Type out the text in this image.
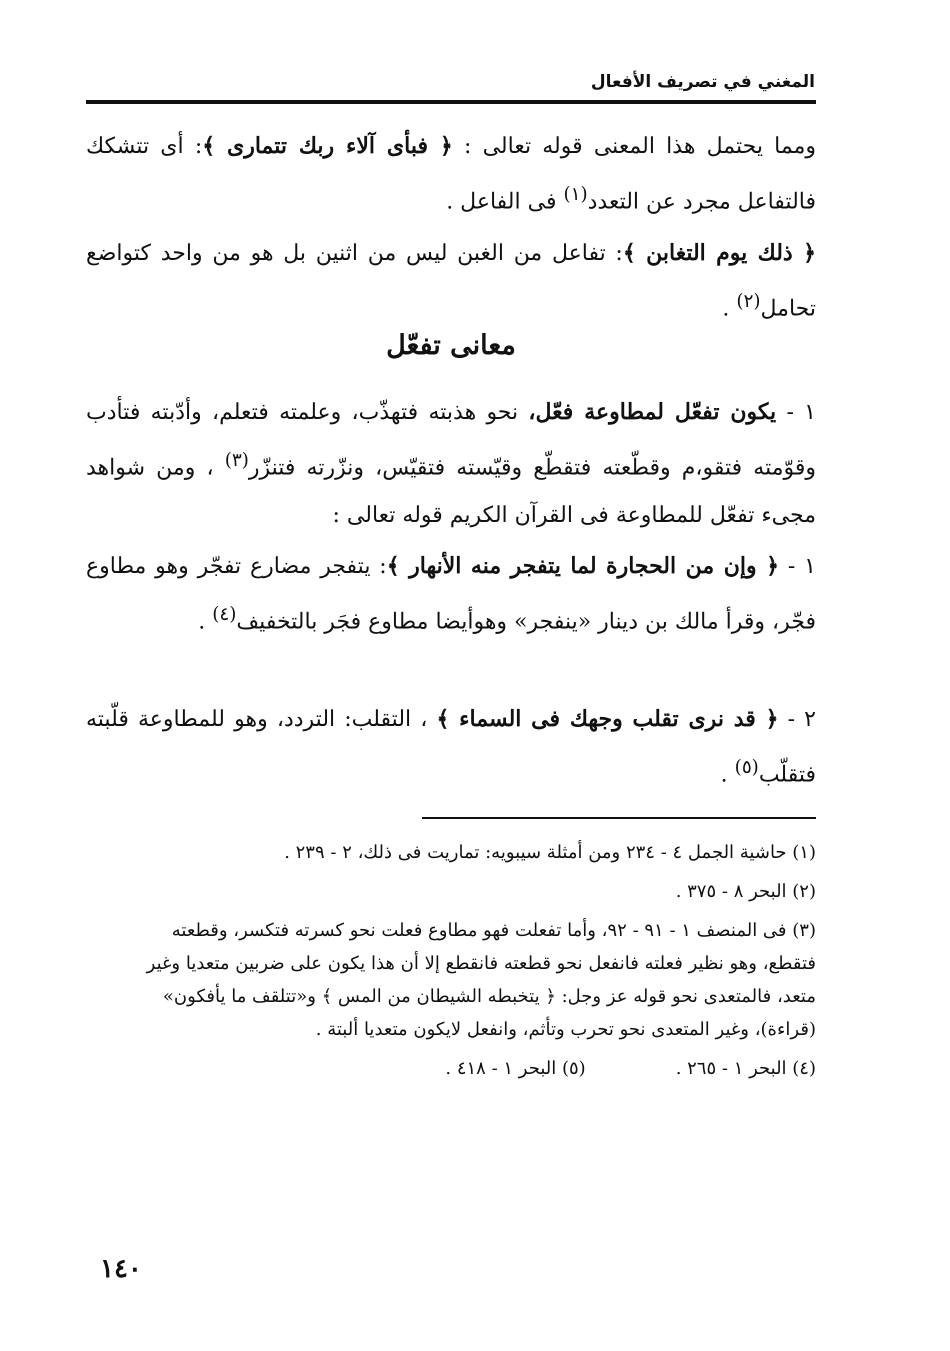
المغني في تصريف الأفعال

ومما يحتمل هذا المعنى قوله تعالى : ﴿ فبأى آلاء ربك تتمارى ﴾: أى تتشكك فالتفاعل مجرد عن التعدد$^{(١)}$ فى الفاعل .

﴿ ذلك يوم التغابن ﴾: تفاعل من الغبن ليس من اثنين بل هو من واحد كتواضع تحامل$^{(٢)}$ .

معانى تفعّل

١ - يكون تفعّل لمطاوعة فعّل، نحو هذبته فتهذّب، وعلمته فتعلم، وأدّبته فتأدب وقوّمته فتقو،م وقطّعته فتقطّع وقيّسته فتقيّس، ونزّرته فتنزّر$^{(٣)}$ ، ومن شواهد مجىء تفعّل للمطاوعة فى القرآن الكريم قوله تعالى :

١ - ﴿ وإن من الحجارة لما يتفجر منه الأنهار ﴾: يتفجر مضارع تفجّر وهو مطاوع فجّر، وقرأ مالك بن دينار «ينفجر» وهوأيضا مطاوع فجَر بالتخفيف$^{(٤)}$ .

٢ - ﴿ قد نرى تقلب وجهك فى السماء ﴾ ، التقلب: التردد، وهو للمطاوعة قلّبته فتقلّب$^{(٥)}$ .

(١) حاشية الجمل ٤ - ٢٣٤ ومن أمثلة سيبويه: تماريت فى ذلك، ٢ - ٢٣٩ .

(٢) البحر ٨ - ٣٧٥ .

(٣) فى المنصف ١ - ٩١ - ٩٢، وأما تفعلت فهو مطاوع فعلت نحو كسرته فتكسر، وقطعته فتقطع، وهو نظير فعلته فانفعل نحو قطعته فانقطع إلا أن هذا يكون على ضربين متعديا وغير متعد، فالمتعدى نحو قوله عز وجل: ﴿ يتخبطه الشيطان من المس ﴾ و«تتلقف ما يأفكون» (قراءة)، وغير المتعدى نحو تحرب وتأثم، وانفعل لايكون متعديا ألبتة .

(٤) البحر ١ - ٢٦٥ .
(٥) البحر ١ - ٤١٨ .
١٤٠
